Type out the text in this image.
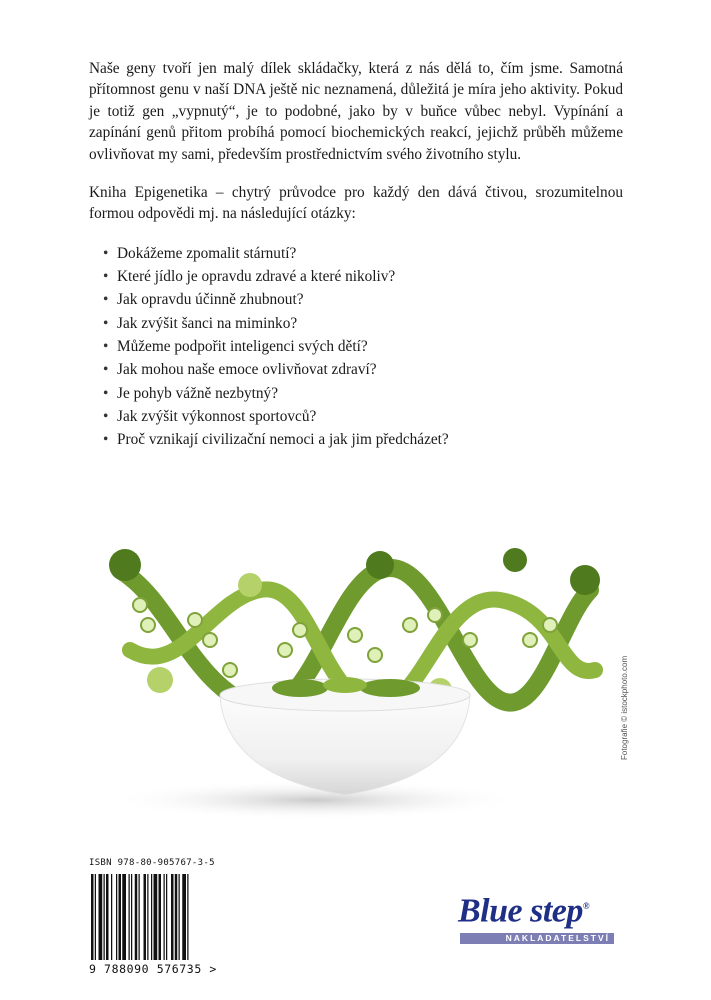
Naše geny tvoří jen malý dílek skládačky, která z nás dělá to, čím jsme. Samotná přítomnost genu v naší DNA ještě nic neznamená, důležitá je míra jeho aktivity. Pokud je totiž gen „vypnutý“, je to podobné, jako by v buňce vůbec nebyl. Vypínání a zapínání genů přitom probíhá pomocí biochemických reakcí, jejichž průběh můžeme ovlivňovat my sami, především prostřednictvím svého životního stylu.

Kniha Epigenetika – chytrý průvodce pro každý den dává čtivou, srozumitelnou formou odpovědi mj. na následující otázky:

• Dokážeme zpomalit stárnutí?
• Které jídlo je opravdu zdravé a které nikoliv?
• Jak opravdu účinně zhubnout?
• Jak zvýšit šanci na miminko?
• Můžeme podpořit inteligenci svých dětí?
• Jak mohou naše emoce ovlivňovat zdraví?
• Je pohyb vážně nezbytný?
• Jak zvýšit výkonnost sportovců?
• Proč vznikají civilizační nemoci a jak jim předcházet?
Fotografie © istockphoto.com
ISBN 978-80-905767-3-5
9 788090 576735 >
Blue step®
NAKLADATELSTVÍ
